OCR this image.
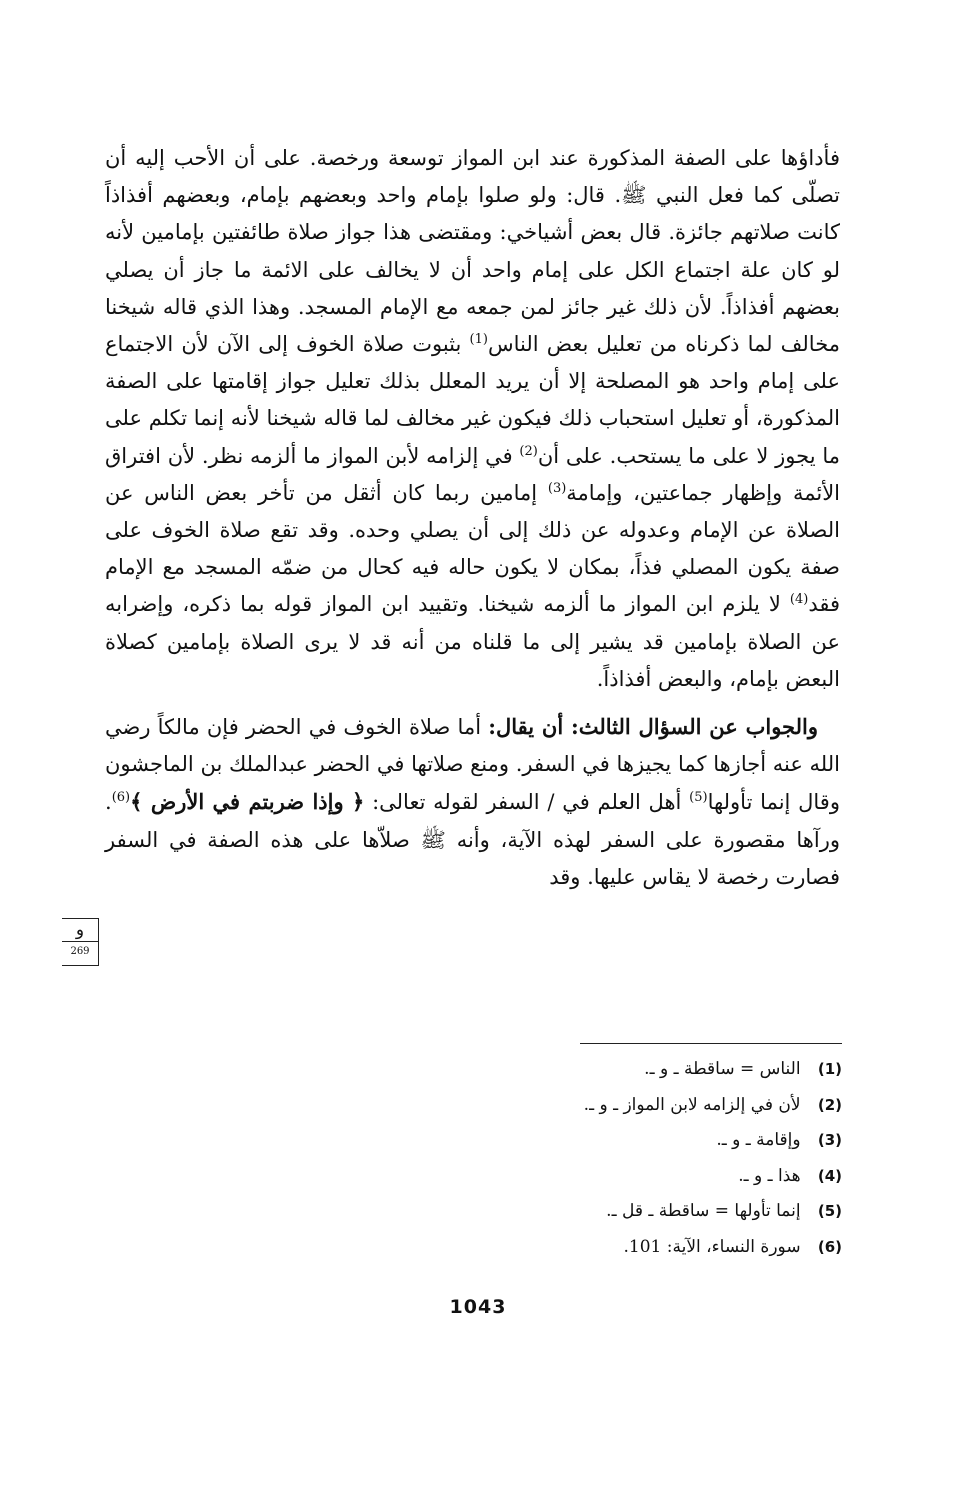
فأداؤها على الصفة المذكورة عند ابن المواز توسعة ورخصة. على أن الأحب إليه أن تصلّى كما فعل النبي ﷺ. قال: ولو صلوا بإمام واحد وبعضهم بإمام، وبعضهم أفذاذاً كانت صلاتهم جائزة. قال بعض أشياخي: ومقتضى هذا جواز صلاة طائفتين بإمامين لأنه لو كان علة اجتماع الكل على إمام واحد أن لا يخالف على الائمة ما جاز أن يصلي بعضهم أفذاذاً. لأن ذلك غير جائز لمن جمعه مع الإمام المسجد. وهذا الذي قاله شيخنا مخالف لما ذكرناه من تعليل بعض الناس$^{(1)}$ بثبوت صلاة الخوف إلى الآن لأن الاجتماع على إمام واحد هو المصلحة إلا أن يريد المعلل بذلك تعليل جواز إقامتها على الصفة المذكورة، أو تعليل استحباب ذلك فيكون غير مخالف لما قاله شيخنا لأنه إنما تكلم على ما يجوز لا على ما يستحب. على أن$^{(2)}$ في إلزامه لأبن المواز ما ألزمه نظر. لأن افتراق الأئمة وإظهار جماعتين، وإمامة$^{(3)}$ إمامين ربما كان أثقل من تأخر بعض الناس عن الصلاة عن الإمام وعدوله عن ذلك إلى أن يصلي وحده. وقد تقع صلاة الخوف على صفة يكون المصلي فذاً، بمكان لا يكون حاله فيه كحال من ضمّه المسجد مع الإمام فقد$^{(4)}$ لا يلزم ابن المواز ما ألزمه شيخنا. وتقييد ابن المواز قوله بما ذكره، وإضرابه عن الصلاة بإمامين قد يشير إلى ما قلناه من أنه قد لا يرى الصلاة بإمامين كصلاة البعض بإمام، والبعض أفذاذاً.

والجواب عن السؤال الثالث: أن يقال: أما صلاة الخوف في الحضر فإن مالكاً رضي الله عنه أجازها كما يجيزها في السفر. ومنع صلاتها في الحضر عبدالملك بن الماجشون وقال إنما تأولها$^{(5)}$ أهل العلم في / السفر لقوله تعالى: ﴿ وإذا ضربتم في الأرض ﴾$^{(6)}$. ورآها مقصورة على السفر لهذه الآية، وأنه ﷺ صلاّها على هذه الصفة في السفر فصارت رخصة لا يقاس عليها. وقد

و
269
(1) الناس = ساقطة ـ و ـ.
(2) لأن في إلزامه لابن المواز ـ و ـ.
(3) وإقامة ـ و ـ.
(4) هذا ـ و ـ.
(5) إنما تأولها = ساقطة ـ قل ـ.
(6) سورة النساء، الآية: 101.
1043
